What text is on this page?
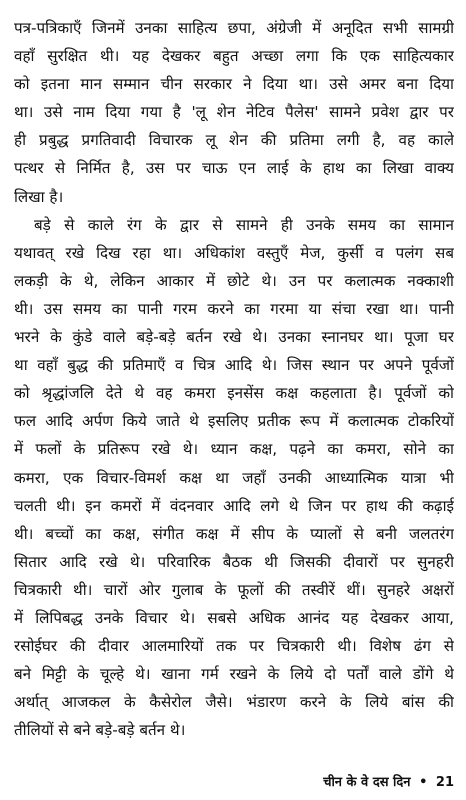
पत्र-पत्रिकाएँ जिनमें उनका साहित्य छपा, अंग्रेजी में अनूदित सभी सामग्री
वहाँ सुरक्षित थी। यह देखकर बहुत अच्छा लगा कि एक साहित्यकार
को इतना मान सम्मान चीन सरकार ने दिया था। उसे अमर बना दिया
था। उसे नाम दिया गया है 'लू शेन नेटिव पैलेस' सामने प्रवेश द्वार पर
ही प्रबुद्ध प्रगतिवादी विचारक लू शेन की प्रतिमा लगी है, वह काले
पत्थर से निर्मित है, उस पर चाऊ एन लाई के हाथ का लिखा वाक्य
लिखा है।
बड़े से काले रंग के द्वार से सामने ही उनके समय का सामान
यथावत् रखे दिख रहा था। अधिकांश वस्तुएँ मेज, कुर्सी व पलंग सब
लकड़ी के थे, लेकिन आकार में छोटे थे। उन पर कलात्मक नक्काशी
थी। उस समय का पानी गरम करने का गरमा या संचा रखा था। पानी
भरने के कुंडे वाले बड़े-बड़े बर्तन रखे थे। उनका स्नानघर था। पूजा घर
था वहाँ बुद्ध की प्रतिमाएँ व चित्र आदि थे। जिस स्थान पर अपने पूर्वजों
को श्रृद्धांजलि देते थे वह कमरा इनसेंस कक्ष कहलाता है। पूर्वजों को
फल आदि अर्पण किये जाते थे इसलिए प्रतीक रूप में कलात्मक टोकरियों
में फलों के प्रतिरूप रखे थे। ध्यान कक्ष, पढ़ने का कमरा, सोने का
कमरा, एक विचार-विमर्श कक्ष था जहाँ उनकी आध्यात्मिक यात्रा भी
चलती थी। इन कमरों में वंदनवार आदि लगे थे जिन पर हाथ की कढ़ाई
थी। बच्चों का कक्ष, संगीत कक्ष में सीप के प्यालों से बनी जलतरंग
सितार आदि रखे थे। परिवारिक बैठक थी जिसकी दीवारों पर सुनहरी
चित्रकारी थी। चारों ओर गुलाब के फूलों की तस्वीरें थीं। सुनहरे अक्षरों
में लिपिबद्ध उनके विचार थे। सबसे अधिक आनंद यह देखकर आया,
रसोईघर की दीवार आलमारियों तक पर चित्रकारी थी। विशेष ढंग से
बने मिट्टी के चूल्हे थे। खाना गर्म रखने के लिये दो पर्तों वाले डोंगे थे
अर्थात् आजकल के कैसेरोल जैसे। भंडारण करने के लिये बांस की
तीलियों से बने बड़े-बड़े बर्तन थे।
चीन के वे दस दिन • 21
